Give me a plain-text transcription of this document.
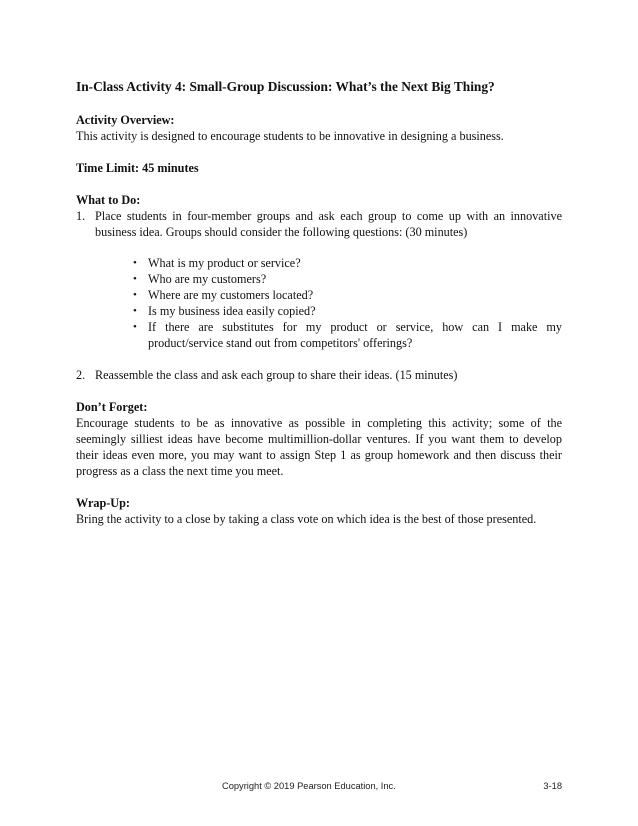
In-Class Activity 4: Small-Group Discussion: What’s the Next Big Thing?
Activity Overview:
This activity is designed to encourage students to be innovative in designing a business.
Time Limit: 45 minutes
What to Do:
1. Place students in four-member groups and ask each group to come up with an innovative business idea. Groups should consider the following questions: (30 minutes)
• What is my product or service?
• Who are my customers?
• Where are my customers located?
• Is my business idea easily copied?
• If there are substitutes for my product or service, how can I make my product/service stand out from competitors' offerings?
2. Reassemble the class and ask each group to share their ideas. (15 minutes)
Don’t Forget:
Encourage students to be as innovative as possible in completing this activity; some of the seemingly silliest ideas have become multimillion-dollar ventures. If you want them to develop their ideas even more, you may want to assign Step 1 as group homework and then discuss their progress as a class the next time you meet.
Wrap-Up:
Bring the activity to a close by taking a class vote on which idea is the best of those presented.
Copyright © 2019 Pearson Education, Inc.	3-18
